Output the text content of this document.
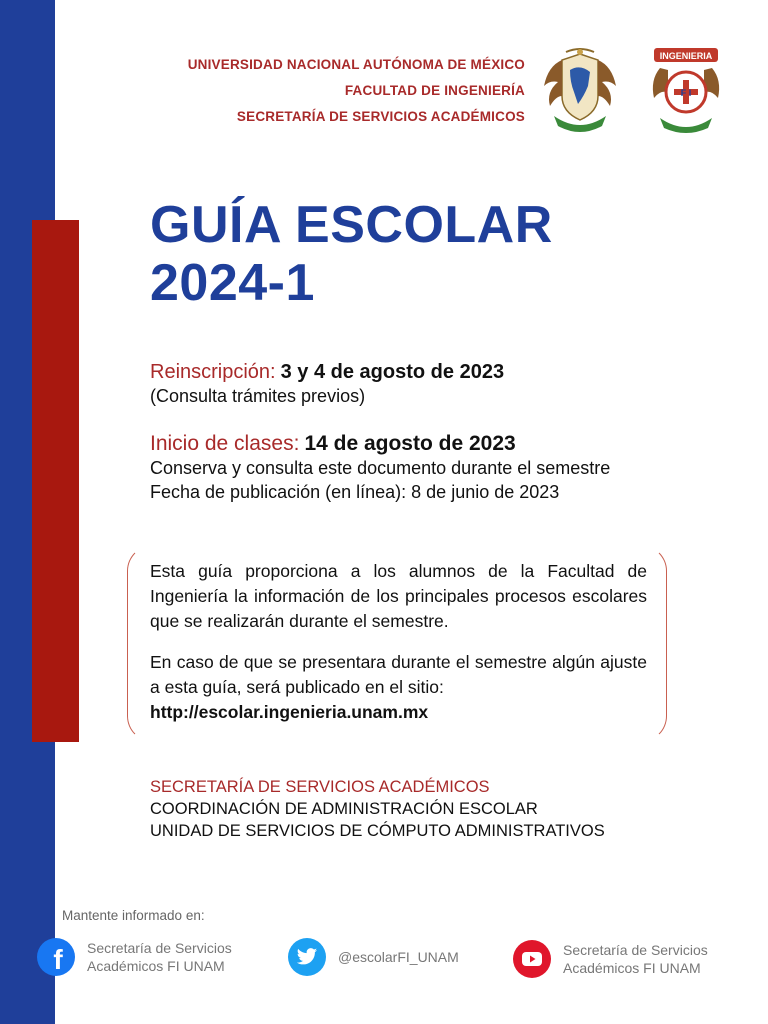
UNIVERSIDAD NACIONAL AUTÓNOMA DE MÉXICO
FACULTAD DE INGENIERÍA
SECRETARÍA DE SERVICIOS ACADÉMICOS
INGENIERIA
F I
GUÍA ESCOLAR
2024-1
Reinscripción: 3 y 4 de agosto de 2023
(Consulta trámites previos)
Inicio de clases: 14 de agosto de 2023
Conserva y consulta este documento durante el semestre
Fecha de publicación (en línea): 8 de junio de 2023

Esta guía proporciona a los alumnos de la Facultad de Ingeniería la información de los principales procesos escolares que se realizarán durante el semestre.

En caso de que se presentara durante el semestre algún ajuste a esta guía, será publicado en el sitio:
http://escolar.ingenieria.unam.mx

SECRETARÍA DE SERVICIOS ACADÉMICOS
COORDINACIÓN DE ADMINISTRACIÓN ESCOLAR
UNIDAD DE SERVICIOS DE CÓMPUTO ADMINISTRATIVOS
Mantente informado en:
f Secretaría de Servicios
Académicos FI UNAM
@escolarFI_UNAM	Secretaría de Servicios
Académicos FI UNAM
